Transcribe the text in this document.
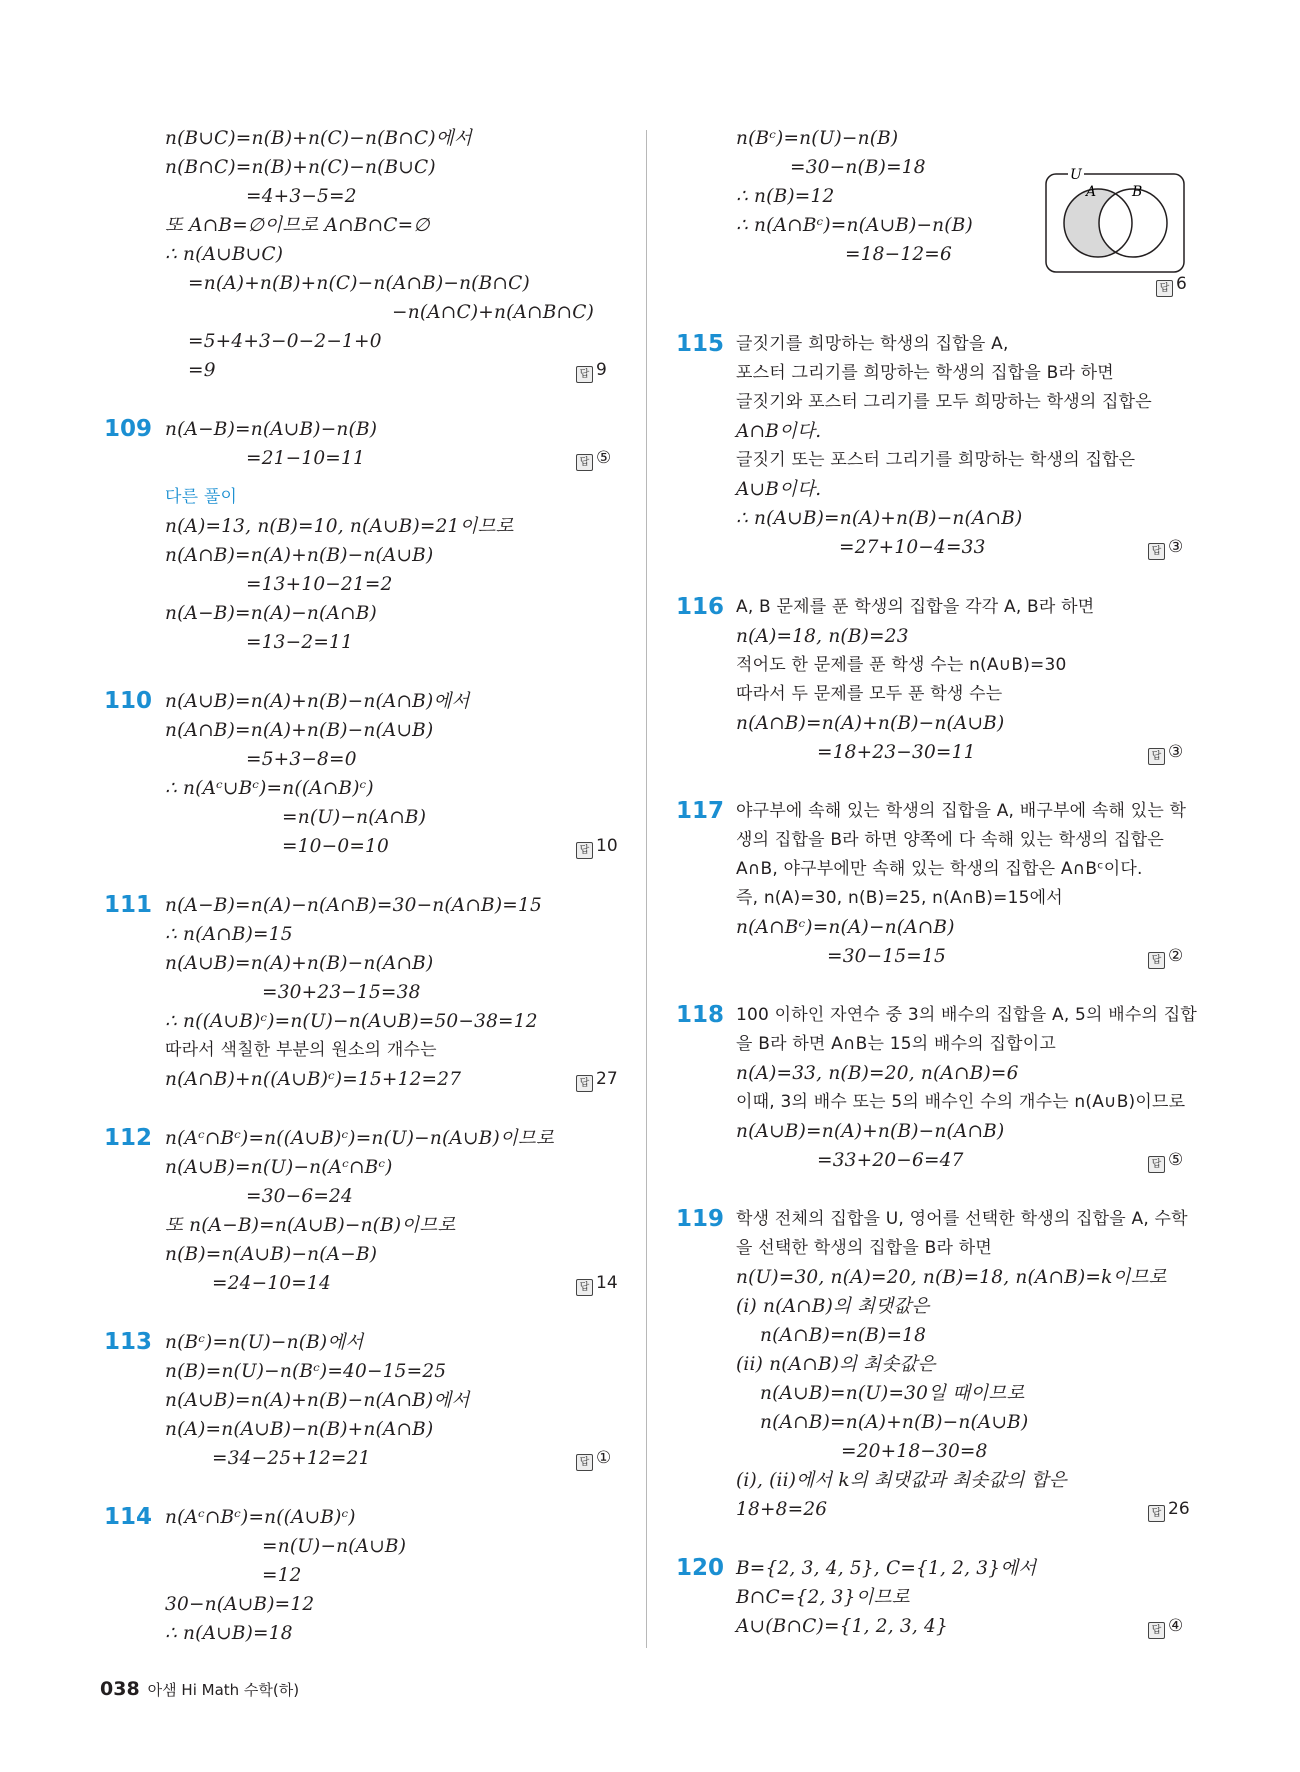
n(B∪C)=n(B)+n(C)−n(B∩C)에서
n(B∩C)=n(B)+n(C)−n(B∪C)
=4+3−5=2
또 A∩B=∅이므로 A∩B∩C=∅
∴ n(A∪B∪C)
=n(A)+n(B)+n(C)−n(A∩B)−n(B∩C)
−n(A∩C)+n(A∩B∩C)
=5+4+3−0−2−1+0
=9	답 9
109 n(A−B)=n(A∪B)−n(B)
=21−10=11	답 ⑤
다른 풀이
n(A)=13, n(B)=10, n(A∪B)=21이므로
n(A∩B)=n(A)+n(B)−n(A∪B)
=13+10−21=2
n(A−B)=n(A)−n(A∩B)
=13−2=11
110 n(A∪B)=n(A)+n(B)−n(A∩B)에서
n(A∩B)=n(A)+n(B)−n(A∪B)
=5+3−8=0
∴ n(Aᶜ∪Bᶜ)=n((A∩B)ᶜ)
=n(U)−n(A∩B)
=10−0=10	답 10
111 n(A−B)=n(A)−n(A∩B)=30−n(A∩B)=15
∴ n(A∩B)=15
n(A∪B)=n(A)+n(B)−n(A∩B)
=30+23−15=38
∴ n((A∪B)ᶜ)=n(U)−n(A∪B)=50−38=12
따라서 색칠한 부분의 원소의 개수는
n(A∩B)+n((A∪B)ᶜ)=15+12=27	답 27
112 n(Aᶜ∩Bᶜ)=n((A∪B)ᶜ)=n(U)−n(A∪B)이므로
n(A∪B)=n(U)−n(Aᶜ∩Bᶜ)
=30−6=24
또 n(A−B)=n(A∪B)−n(B)이므로
n(B)=n(A∪B)−n(A−B)
=24−10=14	답 14
113 n(Bᶜ)=n(U)−n(B)에서
n(B)=n(U)−n(Bᶜ)=40−15=25
n(A∪B)=n(A)+n(B)−n(A∩B)에서
n(A)=n(A∪B)−n(B)+n(A∩B)
=34−25+12=21	답 ①
114 n(Aᶜ∩Bᶜ)=n((A∪B)ᶜ)
=n(U)−n(A∪B)
=12
30−n(A∪B)=12
∴ n(A∪B)=18
n(Bᶜ)=n(U)−n(B)
=30−n(B)=18
∴ n(B)=12
∴ n(A∩Bᶜ)=n(A∪B)−n(B)
=18−12=6
답 6
U
A	B
115 글짓기를 희망하는 학생의 집합을 A,
포스터 그리기를 희망하는 학생의 집합을 B라 하면
글짓기와 포스터 그리기를 모두 희망하는 학생의 집합은
A∩B이다.
글짓기 또는 포스터 그리기를 희망하는 학생의 집합은
A∪B이다.
∴ n(A∪B)=n(A)+n(B)−n(A∩B)
=27+10−4=33	답 ③
116 A, B 문제를 푼 학생의 집합을 각각 A, B라 하면
n(A)=18, n(B)=23
적어도 한 문제를 푼 학생 수는 n(A∪B)=30
따라서 두 문제를 모두 푼 학생 수는
n(A∩B)=n(A)+n(B)−n(A∪B)
=18+23−30=11	답 ③
117 야구부에 속해 있는 학생의 집합을 A, 배구부에 속해 있는 학
생의 집합을 B라 하면 양쪽에 다 속해 있는 학생의 집합은
A∩B, 야구부에만 속해 있는 학생의 집합은 A∩Bᶜ이다.
즉, n(A)=30, n(B)=25, n(A∩B)=15에서
n(A∩Bᶜ)=n(A)−n(A∩B)
=30−15=15	답 ②
118 100 이하인 자연수 중 3의 배수의 집합을 A, 5의 배수의 집합
을 B라 하면 A∩B는 15의 배수의 집합이고
n(A)=33, n(B)=20, n(A∩B)=6
이때, 3의 배수 또는 5의 배수인 수의 개수는 n(A∪B)이므로
n(A∪B)=n(A)+n(B)−n(A∩B)
=33+20−6=47	답 ⑤
119 학생 전체의 집합을 U, 영어를 선택한 학생의 집합을 A, 수학
을 선택한 학생의 집합을 B라 하면
n(U)=30, n(A)=20, n(B)=18, n(A∩B)=k이므로
(i) n(A∩B)의 최댓값은
n(A∩B)=n(B)=18
(ii) n(A∩B)의 최솟값은
n(A∪B)=n(U)=30일 때이므로
n(A∩B)=n(A)+n(B)−n(A∪B)
=20+18−30=8
(i), (ii)에서 k의 최댓값과 최솟값의 합은
18+8=26	답 26
120 B={2, 3, 4, 5}, C={1, 2, 3}에서
B∩C={2, 3}이므로
A∪(B∩C)={1, 2, 3, 4}	답 ④
038 아샘 Hi Math 수학(하)
